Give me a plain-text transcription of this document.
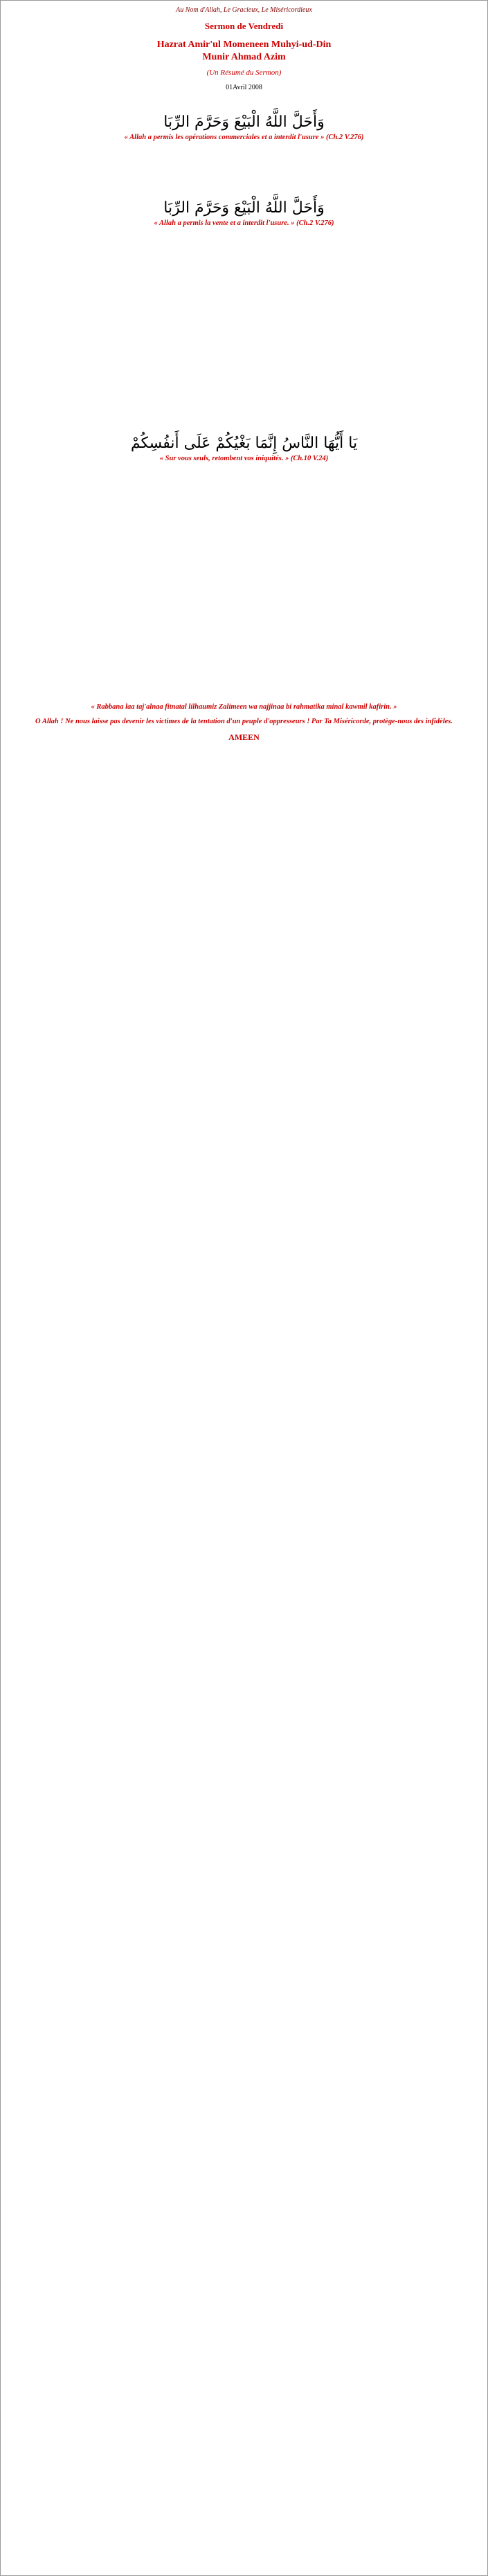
Au Nom d'Allah, Le Gracieux, Le Miséricordieux
Sermon de Vendredi
Hazrat Amir'ul Momeneen Muhyi-ud-Din
Munir Ahmad Azim
(Un Résumé du Sermon)
01Avril 2008

وَأَحَلَّ اللَّهُ الْبَيْعَ وَحَرَّمَ الرِّبَا
« Allah a permis les opérations commerciales et a interdit l'usure » (Ch.2 V.276)

وَأَحَلَّ اللَّهُ الْبَيْعَ وَحَرَّمَ الرِّبَا
« Allah a permis la vente et a interdit l'usure. » (Ch.2 V.276)

يَا أَيُّهَا النَّاسُ إِنَّمَا بَغْيُكُمْ عَلَى أَنفُسِكُمْ
« Sur vous seuls, retombent vos iniquités. » (Ch.10 V.24)

« Rabbana laa taj'alnaa fitnatal lilhaumiz Zalimeen wa najjinaa bi rahmatika minal kawmil kafirin. »
O Allah ! Ne nous laisse pas devenir les victimes de la tentation d'un peuple d'oppresseurs ! Par Ta Miséricorde, protège-nous des infidèles.
AMEEN
